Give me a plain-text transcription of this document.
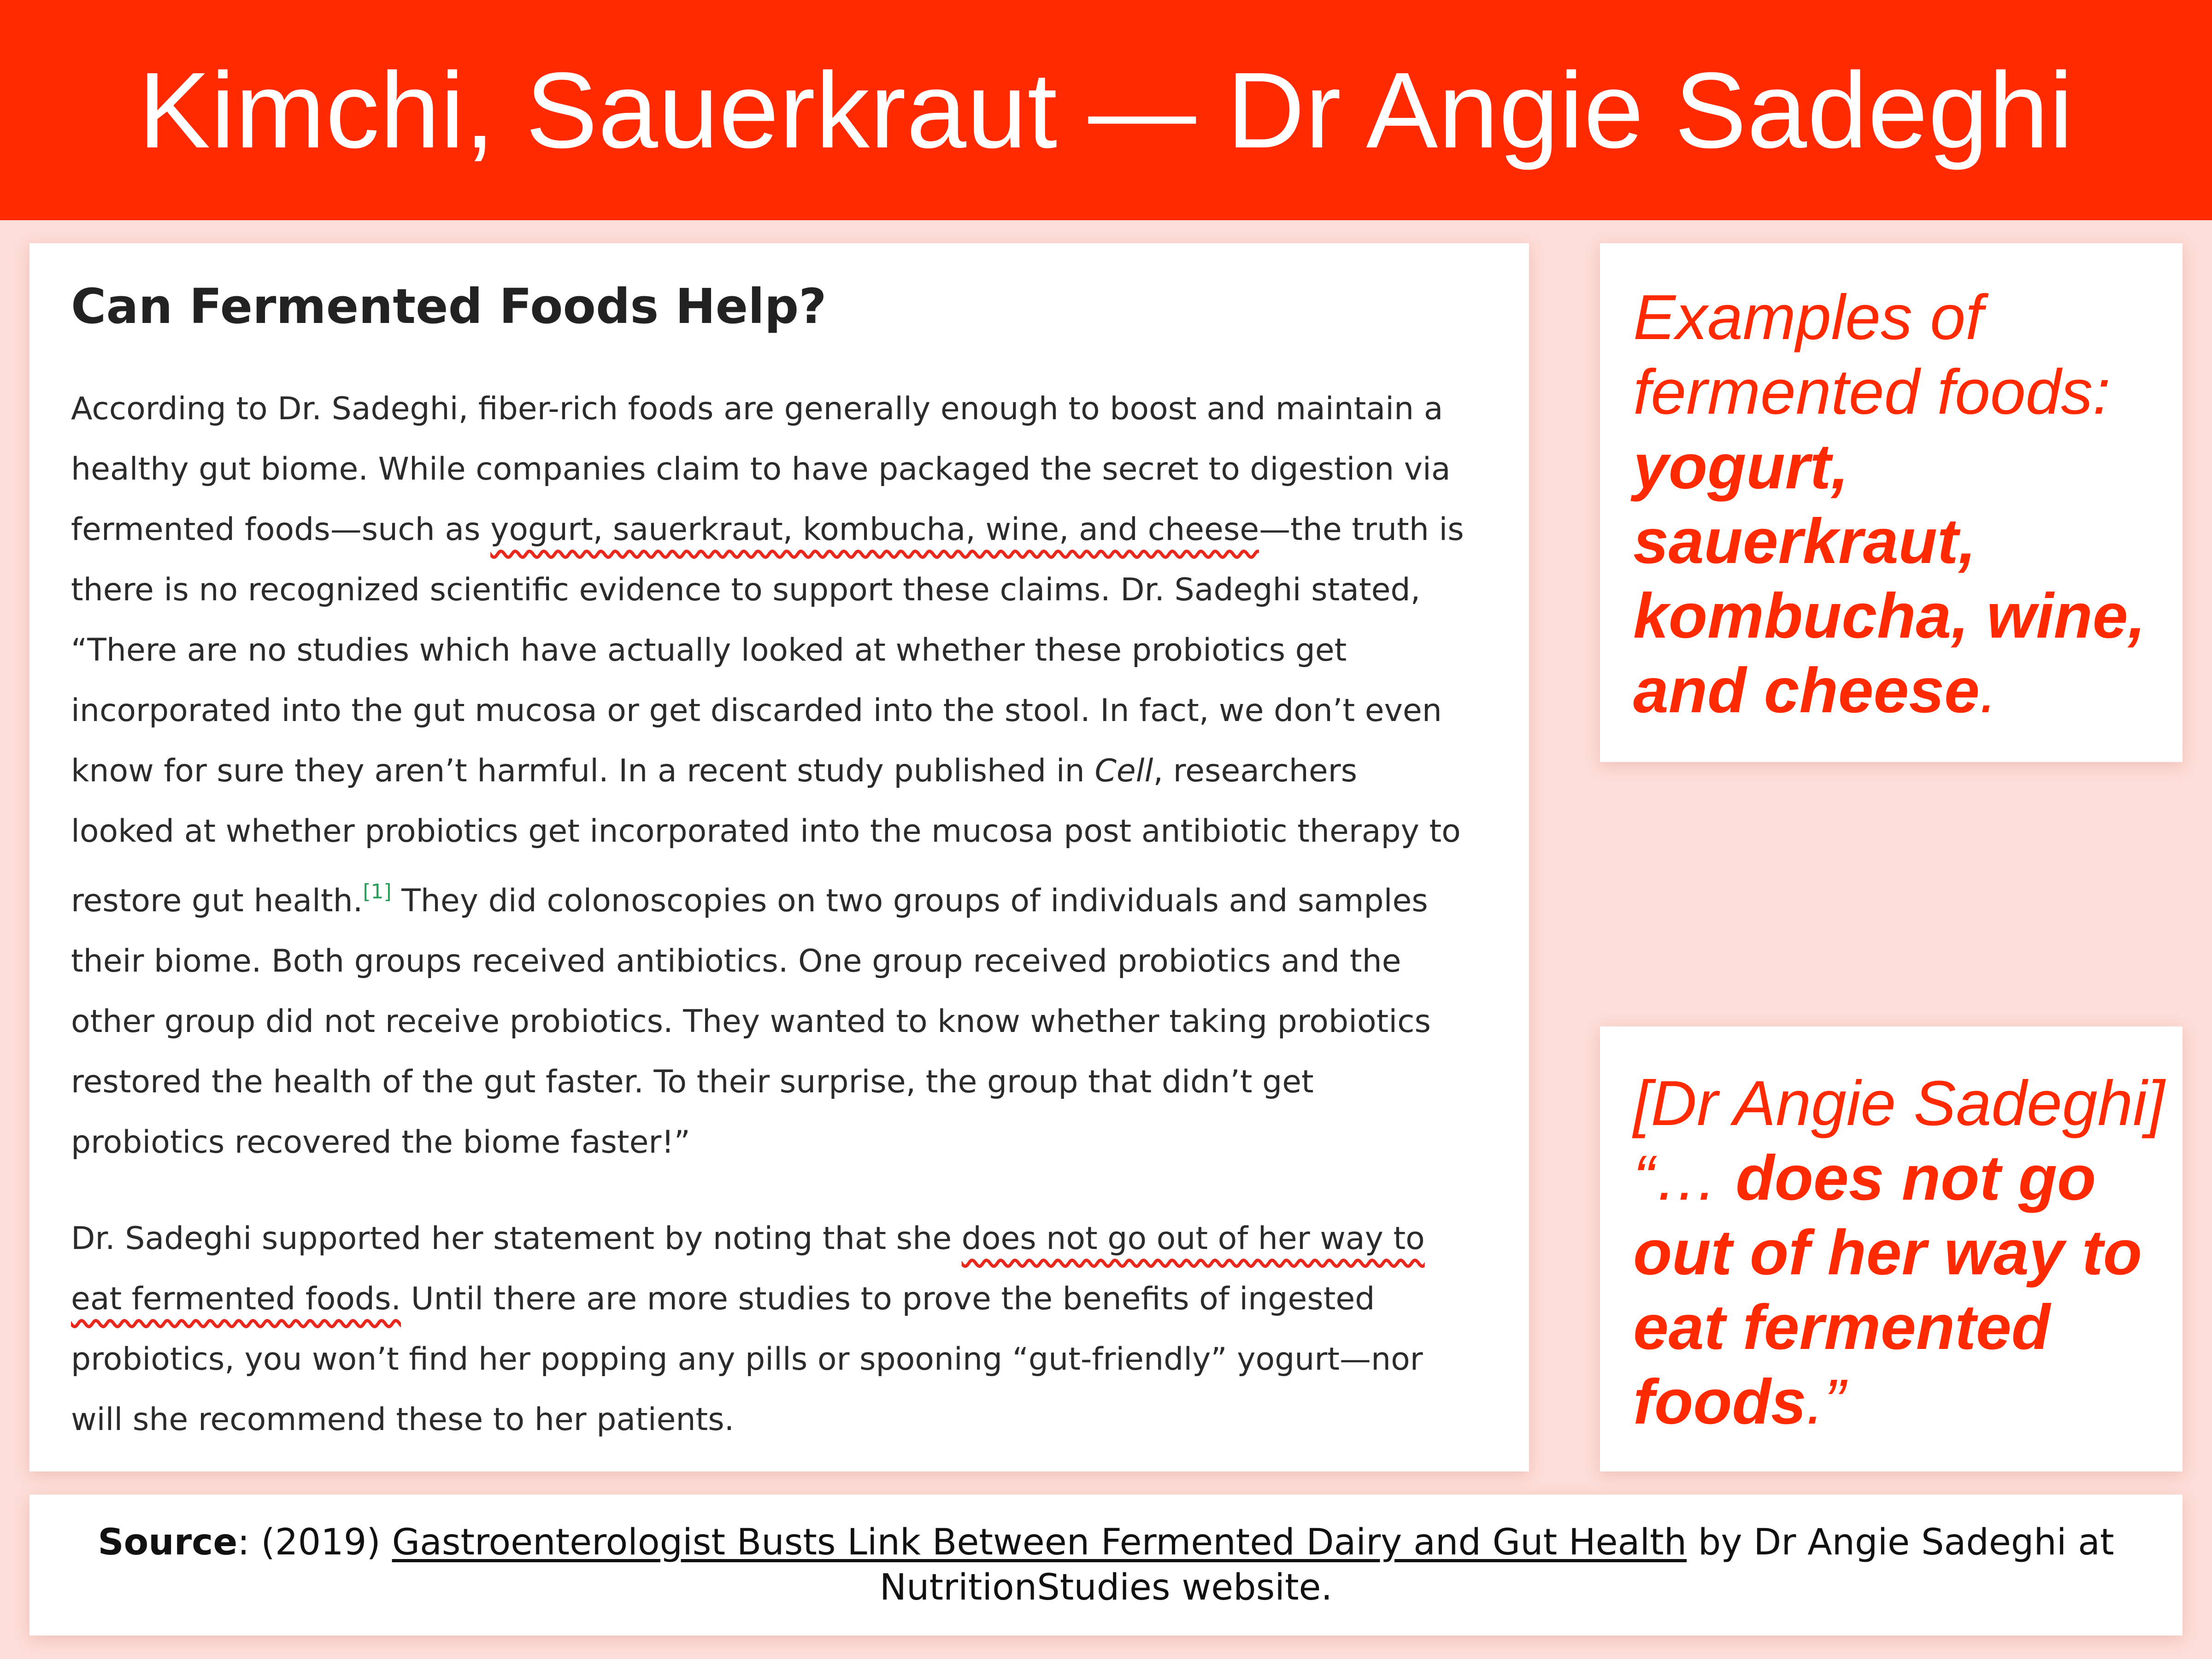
Kimchi, Sauerkraut — Dr Angie Sadeghi
Can Fermented Foods Help?

According to Dr. Sadeghi, fiber-rich foods are generally enough to boost and maintain a

healthy gut biome. While companies claim to have packaged the secret to digestion via

fermented foods—such as yogurt, sauerkraut, kombucha, wine, and cheese—the truth is

there is no recognized scientific evidence to support these claims. Dr. Sadeghi stated,

“There are no studies which have actually looked at whether these probiotics get

incorporated into the gut mucosa or get discarded into the stool. In fact, we don’t even

know for sure they aren’t harmful. In a recent study published in Cell, researchers

looked at whether probiotics get incorporated into the mucosa post antibiotic therapy to

restore gut health.[1] They did colonoscopies on two groups of individuals and samples

their biome. Both groups received antibiotics. One group received probiotics and the

other group did not receive probiotics. They wanted to know whether taking probiotics

restored the health of the gut faster. To their surprise, the group that didn’t get

probiotics recovered the biome faster!”

Dr. Sadeghi supported her statement by noting that she does not go out of her way to

eat fermented foods. Until there are more studies to prove the benefits of ingested

probiotics, you won’t find her popping any pills or spooning “gut-friendly” yogurt—nor

will she recommend these to her patients.

Examples of
fermented foods:
yogurt,
sauerkraut,
kombucha, wine,
and cheese.
[Dr Angie Sadeghi]
“… does not go
out of her way to
eat fermented
foods.”
Source: (2019) Gastroenterologist Busts Link Between Fermented Dairy and Gut Health by Dr Angie Sadeghi at NutritionStudies website.
